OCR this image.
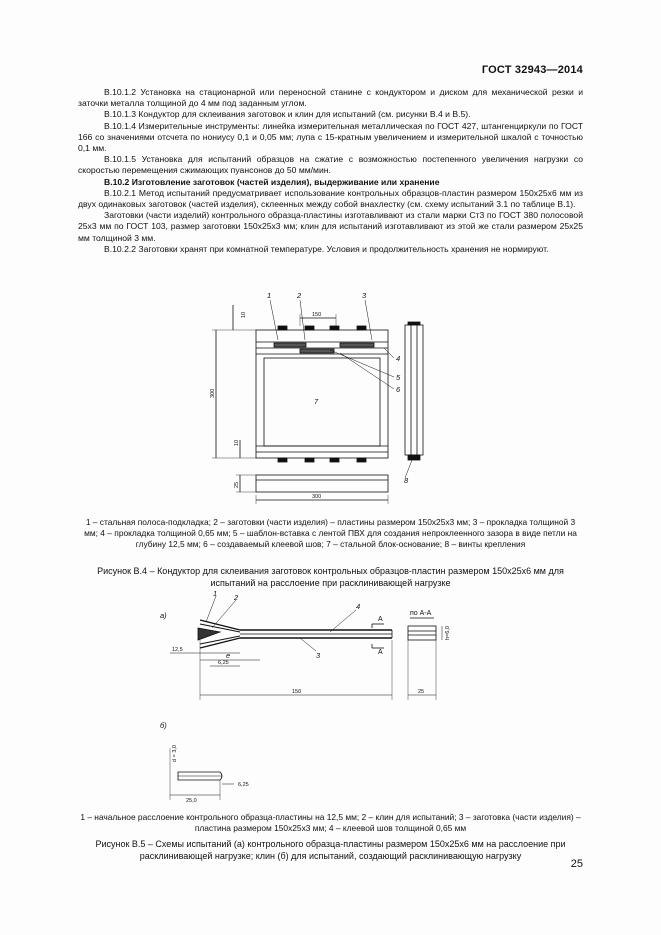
ГОСТ 32943—2014

В.10.1.2 Установка на стационарной или переносной станине с кондуктором и диском для механической резки и заточки металла толщиной до 4 мм под заданным углом.

В.10.1.3 Кондуктор для склеивания заготовок и клин для испытаний (см. рисунки В.4 и В.5).

В.10.1.4 Измерительные инструменты: линейка измерительная металлическая по ГОСТ 427, штангенциркули по ГОСТ 166 со значениями отсчета по нониусу 0,1 и 0,05 мм; лупа с 15-кратным увеличением и измерительной шкалой с точностью 0,1 мм.

В.10.1.5 Установка для испытаний образцов на сжатие с возможностью постепенного увеличения нагрузки со скоростью перемещения сжимающих пуансонов до 50 мм/мин.

В.10.2 Изготовление заготовок (частей изделия), выдерживание или хранение

В.10.2.1 Метод испытаний предусматривает использование контрольных образцов-пластин размером 150х25х6 мм из двух одинаковых заготовок (частей изделия), склеенных между собой внахлестку (см. схему испытаний 3.1 по таблице В.1).

Заготовки (части изделий) контрольного образца-пластины изготавливают из стали марки Ст3 по ГОСТ 380 полосовой 25х3 мм по ГОСТ 103, размер заготовки 150х25х3 мм; клин для испытаний изготавливают из этой же стали размером 25х25 мм толщиной 3 мм.

В.10.2.2 Заготовки хранят при комнатной температуре. Условия и продолжительность хранения не нормируют.

1	2	3
4
5
6
7
8
150
300
300
25
10
10
1 – стальная полоса-подкладка; 2 – заготовки (части изделия) – пластины размером 150х25х3 мм; 3 – прокладка толщиной 3 мм; 4 – прокладка толщиной 0,65 мм; 5 – шаблон-вставка с лентой ПВХ для создания непроклеенного зазора в виде петли на глубину 12,5 мм; 6 – создаваемый клеевой шов; 7 – стальной блок-основание; 8 – винты крепления
Рисунок В.4 – Кондуктор для склеивания заготовок контрольных образцов-пластин размером 150х25х6 мм для испытаний на расслоение при расклинивающей нагрузке
а)
1 2
4
3
А
А
по А-А
12,5
e
6,25
150	25
h=6,0
б)
d = 3,0
6,25
25,0
1 – начальное расслоение контрольного образца-пластины на 12,5 мм; 2 – клин для испытаний; 3 – заготовка (части изделия) – пластина размером 150х25х3 мм; 4 – клеевой шов толщиной 0,65 мм
Рисунок В.5 – Схемы испытаний (а) контрольного образца-пластины размером 150х25х6 мм на расслоение при расклинивающей нагрузке; клин (б) для испытаний, создающий расклинивающую нагрузку
25
